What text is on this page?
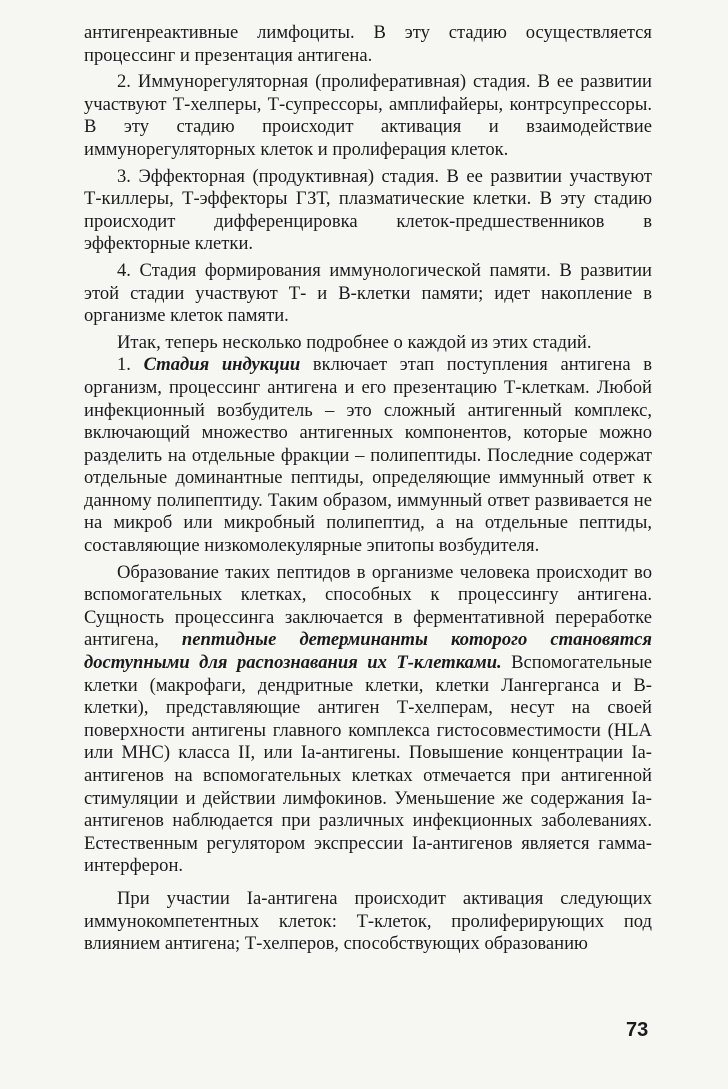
антигенреактивные лимфоциты. В эту стадию осуществляется процессинг и презентация антигена.

2. Иммунорегуляторная (пролиферативная) стадия. В ее развитии участвуют Т-хелперы, Т-супрессоры, амплифайеры, контрсупрессоры. В эту стадию происходит активация и взаимодействие иммунорегуляторных клеток и пролиферация клеток.

3. Эффекторная (продуктивная) стадия. В ее развитии участвуют Т-киллеры, Т-эффекторы ГЗТ, плазматические клетки. В эту стадию происходит дифференцировка клеток-предшественников в эффекторные клетки.

4. Стадия формирования иммунологической памяти. В развитии этой стадии участвуют Т- и В-клетки памяти; идет накопление в организме клеток памяти.

Итак, теперь несколько подробнее о каждой из этих стадий.

1. Стадия индукции включает этап поступления антигена в организм, процессинг антигена и его презентацию Т-клеткам. Любой инфекционный возбудитель – это сложный антигенный комплекс, включающий множество антигенных компонентов, которые можно разделить на отдельные фракции – полипептиды. Последние содержат отдельные доминантные пептиды, определяющие иммунный ответ к данному полипептиду. Таким образом, иммунный ответ развивается не на микроб или микробный полипептид, а на отдельные пептиды, составляющие низкомолекулярные эпитопы возбудителя.

Образование таких пептидов в организме человека происходит во вспомогательных клетках, способных к процессингу антигена. Сущность процессинга заключается в ферментативной переработке антигена, пептидные детерминанты которого становятся доступными для распознавания их Т-клетками. Вспомогательные клетки (макрофаги, дендритные клетки, клетки Лангерганса и В-клетки), представляющие антиген Т-хелперам, несут на своей поверхности антигены главного комплекса гистосовместимости (HLA или MHC) класса II, или Ia-антигены. Повышение концентрации Ia-антигенов на вспомогательных клетках отмечается при антигенной стимуляции и действии лимфокинов. Уменьшение же содержания Ia-антигенов наблюдается при различных инфекционных заболеваниях. Естественным регулятором экспрессии Ia-антигенов является гамма-интерферон.

При участии Ia-антигена происходит активация следующих иммунокомпетентных клеток: Т-клеток, пролиферирующих под влиянием антигена; Т-хелперов, способствующих образованию

73
